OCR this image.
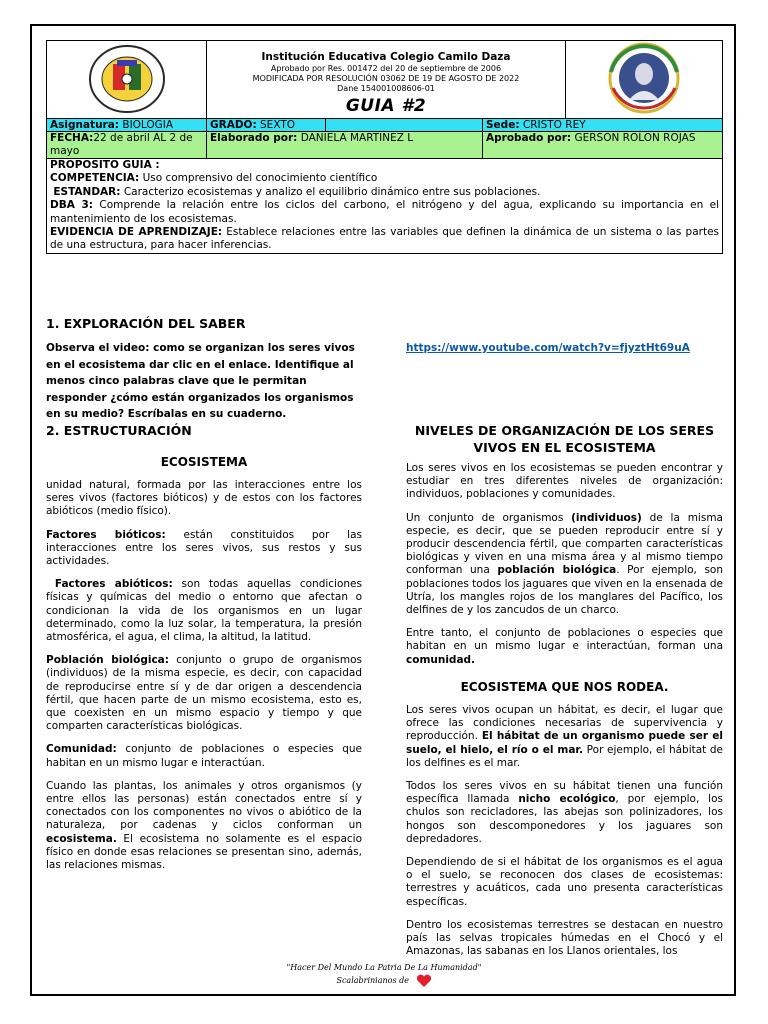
Institución Educativa Colegio Camilo Daza
Aprobado por Res. 001472 del 20 de septiembre de 2006
MODIFICADA POR RESOLUCIÓN 03062 DE 19 DE AGOSTO DE 2022
Dane 154001008606-01
GUIA #2

Asignatura: BIOLOGIA	GRADO: SEXTO		Sede: CRISTO REY	
FECHA:22 de abril AL 2 de mayo	Elaborado por: DANIELA MARTINEZ L		Aprobado por: GERSON ROLON ROJAS	

PROPOSITO GUIA :

COMPETENCIA: Uso comprensivo del conocimiento científico

ESTANDAR: Caracterizo ecosistemas y analizo el equilibrio dinámico entre sus poblaciones.

DBA 3: Comprende la relación entre los ciclos del carbono, el nitrógeno y del agua, explicando su importancia en el mantenimiento de los ecosistemas.

EVIDENCIA DE APRENDIZAJE: Establece relaciones entre las variables que definen la dinámica de un sistema o las partes de una estructura, para hacer inferencias.				

1. EXPLORACIÓN DEL SABER
Observa el video: como se organizan los seres vivos en el ecosistema dar clic en el enlace. Identifique al menos cinco palabras clave que le permitan responder ¿cómo están organizados los organismos en su medio? Escríbalas en su cuaderno.
https://www.youtube.com/watch?v=fjyztHt69uA
2. ESTRUCTURACIÓN
ECOSISTEMA

unidad natural, formada por las interacciones entre los seres vivos (factores bióticos) y de estos con los factores abióticos (medio físico).

Factores bióticos: están constituidos por las interacciones entre los seres vivos, sus restos y sus actividades.

Factores abióticos: son todas aquellas condiciones físicas y químicas del medio o entorno que afectan o condicionan la vida de los organismos en un lugar determinado, como la luz solar, la temperatura, la presión atmosférica, el agua, el clima, la altitud, la latitud.

Población biológica: conjunto o grupo de organismos (individuos) de la misma especie, es decir, con capacidad de reproducirse entre sí y de dar origen a descendencia fértil, que hacen parte de un mismo ecosistema, esto es, que coexisten en un mismo espacio y tiempo y que comparten características biológicas.

Comunidad: conjunto de poblaciones o especies que habitan en un mismo lugar e interactúan.

Cuando las plantas, los animales y otros organismos (y entre ellos las personas) están conectados entre sí y conectados con los componentes no vivos o abiótico de la naturaleza, por cadenas y ciclos conforman un ecosistema. El ecosistema no solamente es el espacio físico en donde esas relaciones se presentan sino, además, las relaciones mismas.

NIVELES DE ORGANIZACIÓN DE LOS SERES VIVOS EN EL ECOSISTEMA

Los seres vivos en los ecosistemas se pueden encontrar y estudiar en tres diferentes niveles de organización: individuos, poblaciones y comunidades.

Un conjunto de organismos (individuos) de la misma especie, es decir, que se pueden reproducir entre sí y producir descendencia fértil, que comparten características biológicas y viven en una misma área y al mismo tiempo conforman una población biológica. Por ejemplo, son poblaciones todos los jaguares que viven en la ensenada de Utría, los mangles rojos de los manglares del Pacífico, los delfines de y los zancudos de un charco.

Entre tanto, el conjunto de poblaciones o especies que habitan en un mismo lugar e interactúan, forman una comunidad.

ECOSISTEMA QUE NOS RODEA.

Los seres vivos ocupan un hábitat, es decir, el lugar que ofrece las condiciones necesarias de supervivencia y reproducción. El hábitat de un organismo puede ser el suelo, el hielo, el río o el mar. Por ejemplo, el hábitat de los delfines es el mar.

Todos los seres vivos en su hábitat tienen una función específica llamada nicho ecológico, por ejemplo, los chulos son recicladores, las abejas son polinizadores, los hongos son descomponedores y los jaguares son depredadores.

Dependiendo de si el hábitat de los organismos es el agua o el suelo, se reconocen dos clases de ecosistemas: terrestres y acuáticos, cada uno presenta características específicas.

Dentro los ecosistemas terrestres se destacan en nuestro país las selvas tropicales húmedas en el Chocó y el Amazonas, las sabanas en los Llanos orientales, los

"Hacer Del Mundo La Patria De La Humanidad"
Scalabrinianos de
